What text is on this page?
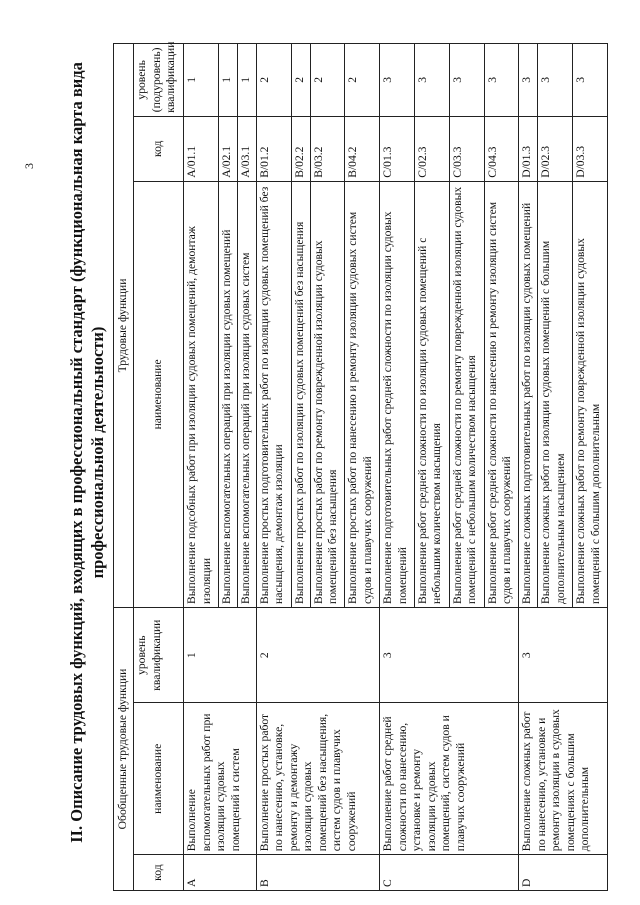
3 II. Описание трудовых функций, входящих в профессиональный стандарт (функциональная карта вида профессиональной деятельности)
Обобщенные трудовые функции			Трудовые функции		
код	наименование	уровень квалификации	наименование	код	уровень (подуровень) квалификации
A	Выполнение вспомогательных работ при изоляции судовых помещений и систем	1	Выполнение подсобных работ при изоляции судовых помещений, демонтаж изоляции	A/01.1	1
			Выполнение вспомогательных операций при изоляции судовых помещений	A/02.1	1
			Выполнение вспомогательных операций при изоляции судовых систем	A/03.1	1
B	Выполнение простых работ по нанесению, установке, ремонту и демонтажу изоляции судовых помещений без насыщения, систем судов и плавучих сооружений	2	Выполнение простых подготовительных работ по изоляции судовых помещений без насыщения, демонтаж изоляции	B/01.2	2
			Выполнение простых работ по изоляции судовых помещений без насыщения	B/02.2	2
			Выполнение простых работ по ремонту поврежденной изоляции судовых помещений без насыщения	B/03.2	2
			Выполнение простых работ по нанесению и ремонту изоляции судовых систем судов и плавучих сооружений	B/04.2	2
C	Выполнение работ средней сложности по нанесению, установке и ремонту изоляции судовых помещений, систем судов и плавучих сооружений	3	Выполнение подготовительных работ средней сложности по изоляции судовых помещений	C/01.3	3
			Выполнение работ средней сложности по изоляции судовых помещений с небольшим количеством насыщения	C/02.3	3
			Выполнение работ средней сложности по ремонту поврежденной изоляции судовых помещений с небольшим количеством насыщения	C/03.3	3
			Выполнение работ средней сложности по нанесению и ремонту изоляции систем судов и плавучих сооружений	C/04.3	3
D	Выполнение сложных работ по нанесению, установке и ремонту изоляции в судовых помещениях с большим дополнительным	3	Выполнение сложных подготовительных работ по изоляции судовых помещений	D/01.3	3
			Выполнение сложных работ по изоляции судовых помещений с большим дополнительным насыщением	D/02.3	3
			Выполнение сложных работ по ремонту поврежденной изоляции судовых помещений с большим дополнительным	D/03.3	3
